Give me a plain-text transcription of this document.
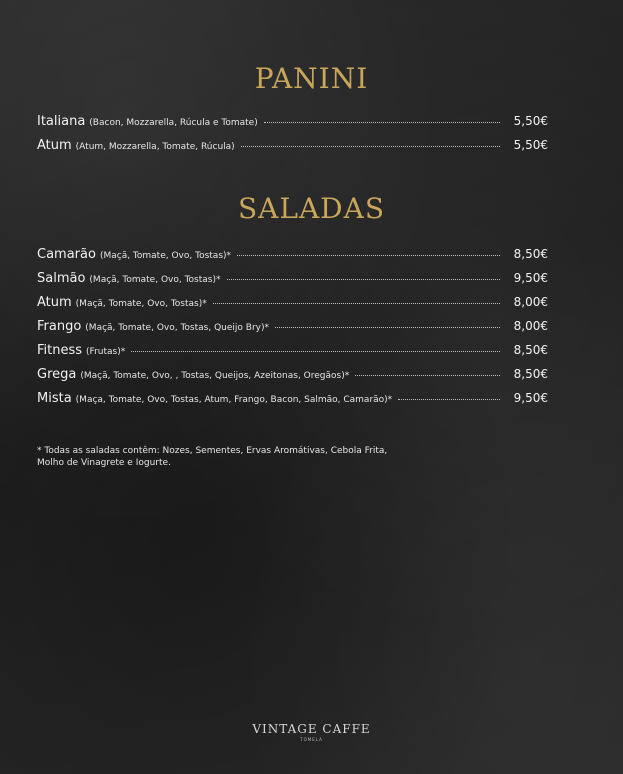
PANINI
Italiana (Bacon, Mozzarella, Rúcula e Tomate)	5,50€
Atum (Atum, Mozzarella, Tomate, Rúcula)	5,50€
SALADAS
Camarão (Maçã, Tomate, Ovo, Tostas)*	8,50€
Salmão (Maçã, Tomate, Ovo, Tostas)*	9,50€
Atum (Maçã, Tomate, Ovo, Tostas)*	8,00€
Frango (Maçã, Tomate, Ovo, Tostas, Queijo Bry)*	8,00€
Fitness (Frutas)*	8,50€
Grega (Maçã, Tomate, Ovo, , Tostas, Queijos, Azeitonas, Oregãos)*	8,50€
Mista (Maça, Tomate, Ovo, Tostas, Atum, Frango, Bacon, Salmão, Camarão)*	9,50€
* Todas as saladas contêm: Nozes, Sementes, Ervas Aromátivas, Cebola Frita,
Molho de Vinagrete e Iogurte.
VINTAGE CAFFE
TOMELA
